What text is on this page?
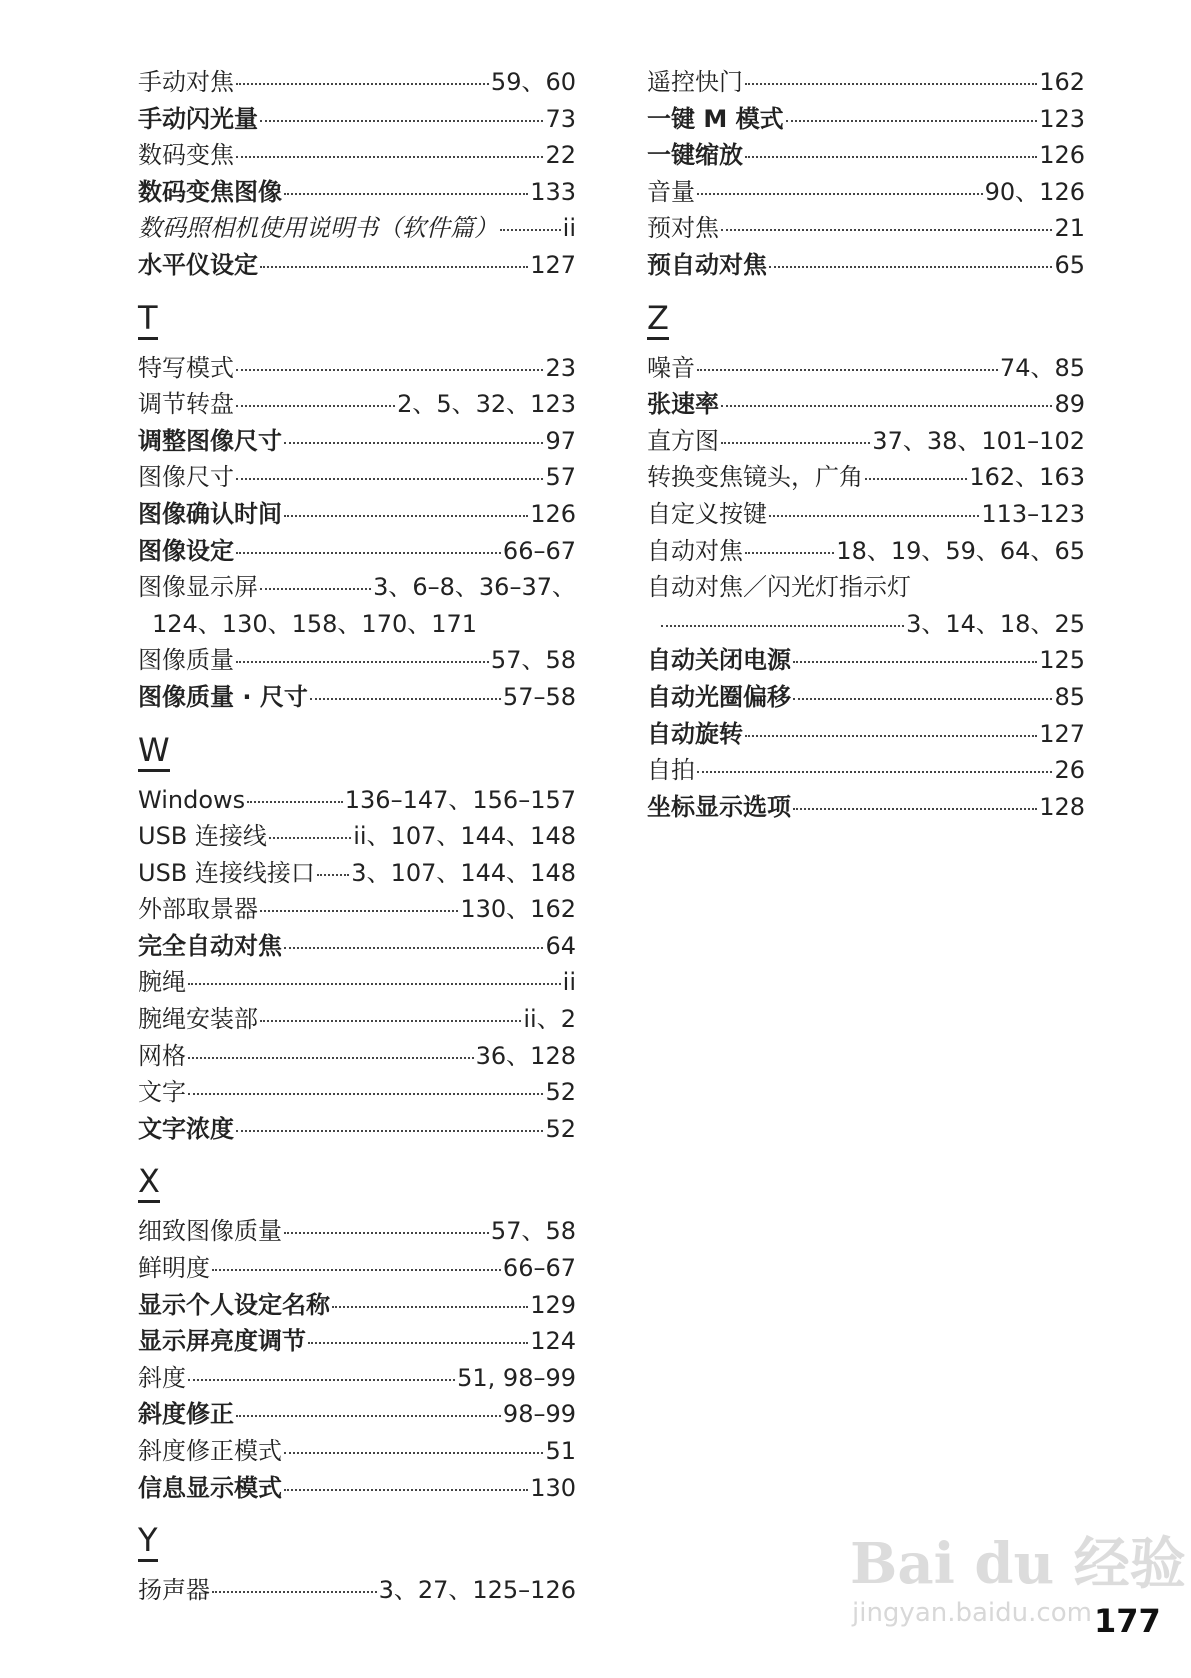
手动对焦	59、60
手动闪光量	73
数码变焦	22
数码变焦图像	133
数码照相机使用说明书（软件篇）	ii
水平仪设定	127
T
特写模式	23
调节转盘	2、5、32、123
调整图像尺寸	97
图像尺寸	57
图像确认时间	126
图像设定	66–67
图像显示屏	3、6–8、36–37、
124、130、158、170、171
图像质量	57、58
图像质量 · 尺寸	57–58
W
Windows	136–147、156–157
USB 连接线	ii、107、144、148
USB 连接线接口 3、107、144、148
外部取景器	130、162
完全自动对焦	64
腕绳	ii
腕绳安装部	ii、2
网格	36、128
文字	52
文字浓度	52
X
细致图像质量	57、58
鲜明度	66–67
显示个人设定名称	129
显示屏亮度调节	124
斜度	51, 98–99
斜度修正	98–99
斜度修正模式	51
信息显示模式	130
Y
扬声器	3、27、125–126
遥控快门	162
一键 M 模式	123
一键缩放	126
音量	90、126
预对焦	21
预自动对焦	65
Z
噪音	74、85
张速率	89
直方图	37、38、101–102
转换变焦镜头，广角	162、163
自定义按键	113–123
自动对焦	18、19、59、64、65
自动对焦／闪光灯指示灯
3、14、18、25
自动关闭电源	125
自动光圈偏移	85
自动旋转	127
自拍	26
坐标显示选项	128
Bai du 经验
jingyan.baidu.com 177
